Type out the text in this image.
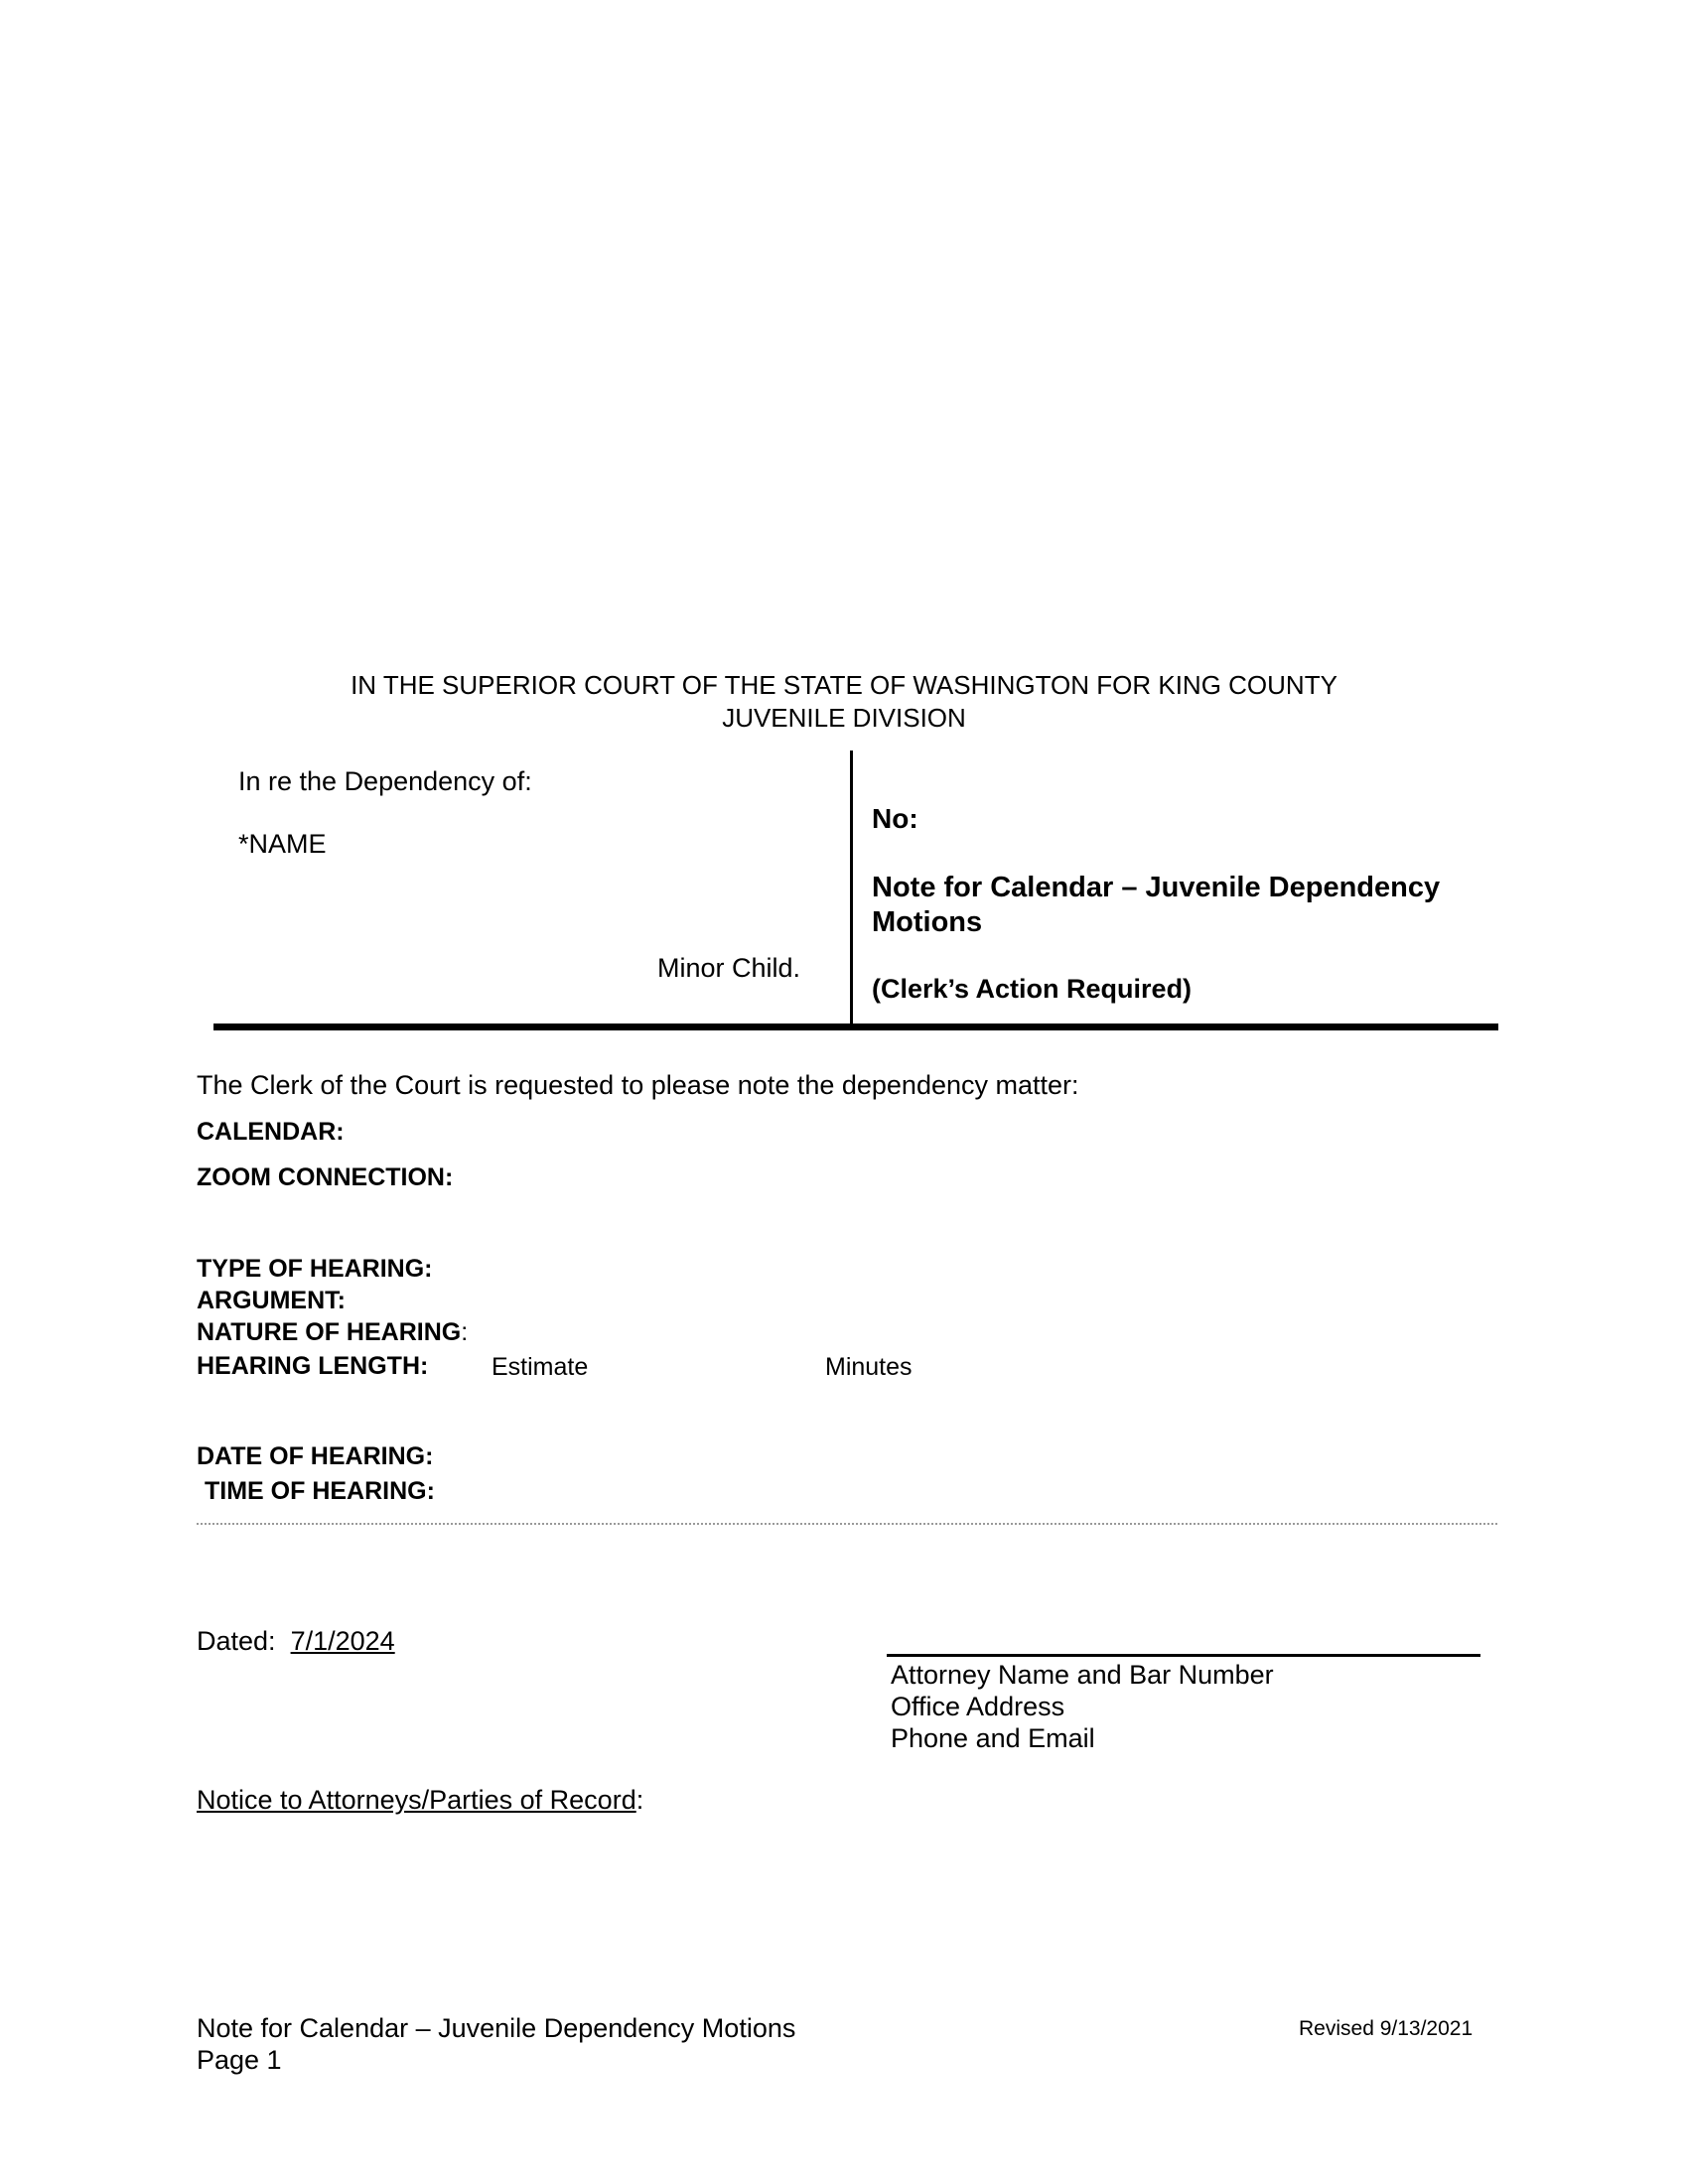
IN THE SUPERIOR COURT OF THE STATE OF WASHINGTON FOR KING COUNTY
JUVENILE DIVISION
In re the Dependency of:
*NAME
Minor Child.
No:
Note for Calendar – Juvenile Dependency
Motions
(Clerk’s Action Required)
The Clerk of the Court is requested to please note the dependency matter:
CALENDAR:
ZOOM CONNECTION:
TYPE OF HEARING:
ARGUMENT:
NATURE OF HEARING:
HEARING LENGTH:	Estimate	Minutes
DATE OF HEARING:
TIME OF HEARING:
Dated: 7/1/2024
Attorney Name and Bar Number
Office Address
Phone and Email
Notice to Attorneys/Parties of Record:
Note for Calendar – Juvenile Dependency Motions
Page 1
Revised 9/13/2021
